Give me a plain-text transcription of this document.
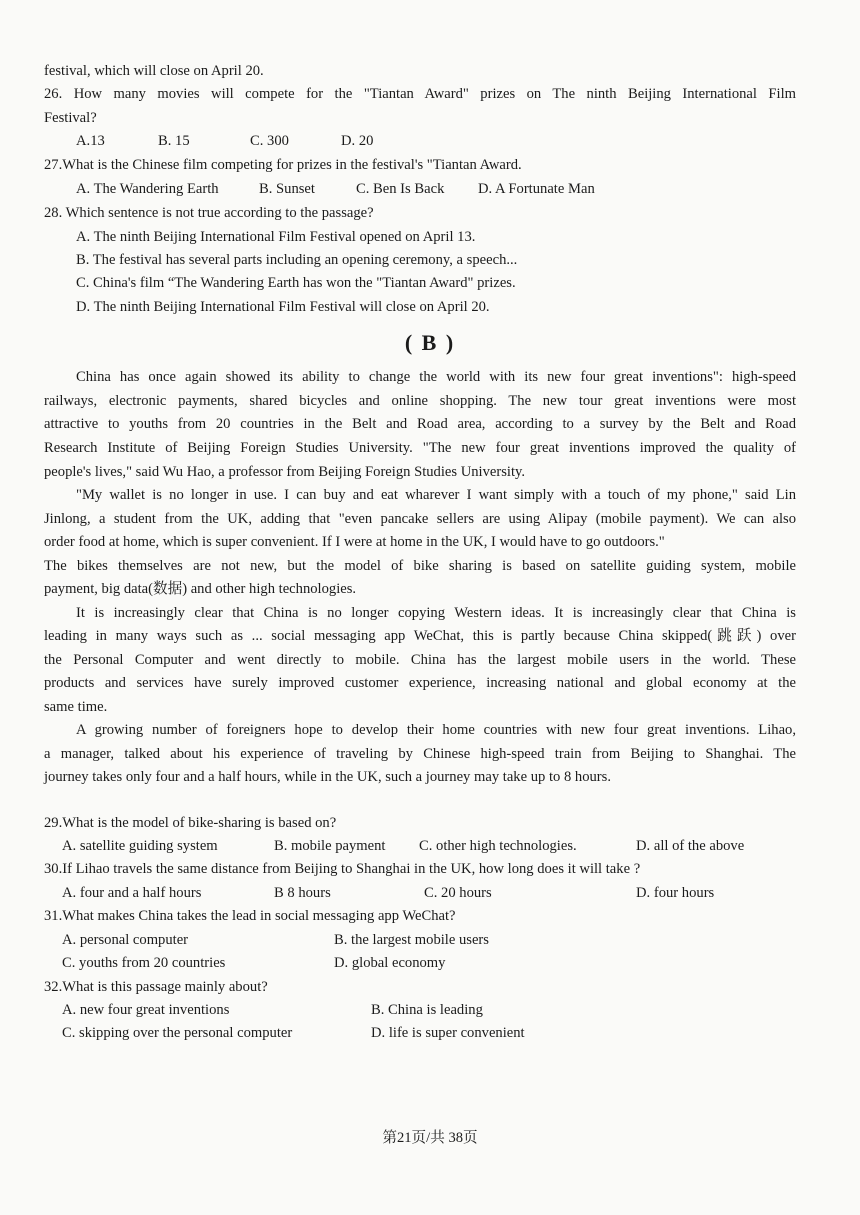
festival, which will close on April 20.
26. How many movies will compete for the "Tiantan Award" prizes on The ninth Beijing International Film
Festival?
A.13	B. 15	C. 300	D. 20
27.What is the Chinese film competing for prizes in the festival's "Tiantan Award.
A. The Wandering Earth	B. Sunset	C. Ben Is Back D. A Fortunate Man
28. Which sentence is not true according to the passage?
A. The ninth Beijing International Film Festival opened on April 13.
B. The festival has several parts including an opening ceremony, a speech...
C. China's film “The Wandering Earth has won the "Tiantan Award" prizes.
D. The ninth Beijing International Film Festival will close on April 20.
( B )
China has once again showed its ability to change the world with its new four great inventions": high-speed
railways, electronic payments, shared bicycles and online shopping. The new tour great inventions were most
attractive to youths from 20 countries in the Belt and Road area, according to a survey by the Belt and Road
Research Institute of Beijing Foreign Studies University. "The new four great inventions improved the quality of
people's lives," said Wu Hao, a professor from Beijing Foreign Studies University.
"My wallet is no longer in use. I can buy and eat wharever I want simply with a touch of my phone," said Lin
Jinlong, a student from the UK, adding that "even pancake sellers are using Alipay (mobile payment). We can also
order food at home, which is super convenient. If I were at home in the UK, I would have to go outdoors."
The bikes themselves are not new, but the model of bike sharing is based on satellite guiding system, mobile
payment, big data(数据) and other high technologies.
It is increasingly clear that China is no longer copying Western ideas. It is increasingly clear that China is
leading in many ways such as ... social messaging app WeChat, this is partly because China skipped(跳跃) over
the Personal Computer and went directly to mobile. China has the largest mobile users in the world. These
products and services have surely improved customer experience, increasing national and global economy at the
same time.
A growing number of foreigners hope to develop their home countries with new four great inventions. Lihao,
a manager, talked about his experience of traveling by Chinese high-speed train from Beijing to Shanghai. The
journey takes only four and a half hours, while in the UK, such a journey may take up to 8 hours.
29.What is the model of bike-sharing is based on?
A. satellite guiding system	B. mobile payment C. other high technologies.	D. all of the above
30.If Lihao travels the same distance from Beijing to Shanghai in the UK, how long does it will take ?
A. four and a half hours	B 8 hours	C. 20 hours	D. four hours
31.What makes China takes the lead in social messaging app WeChat?
A. personal computer	B. the largest mobile users
C. youths from 20 countries	D. global economy
32.What is this passage mainly about?
A. new four great inventions	B. China is leading
C. skipping over the personal computer	D. life is super convenient
第21页/共 38页
